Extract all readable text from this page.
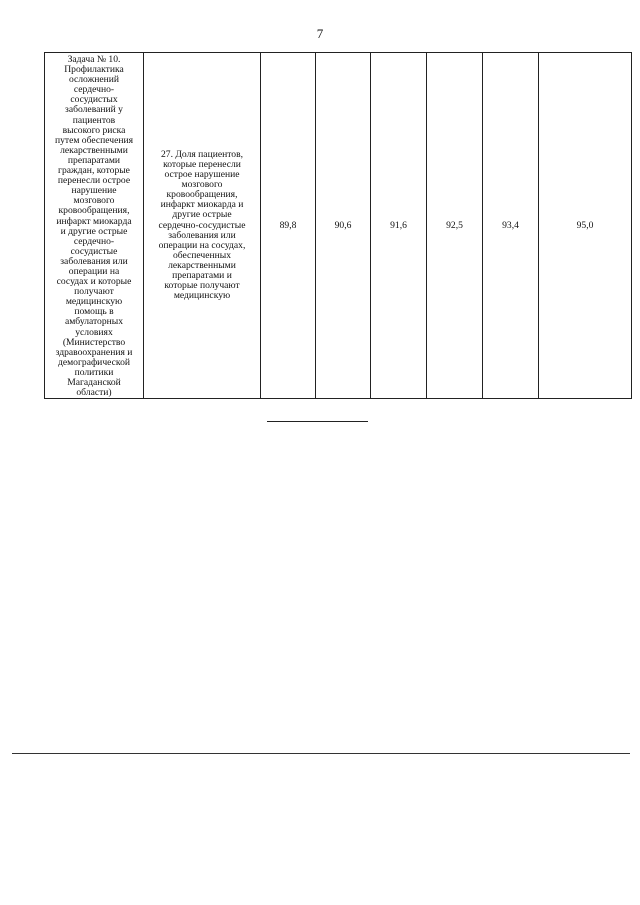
7
Задача № 10.
Профилактика
осложнений
сердечно-
сосудистых
заболеваний у
пациентов
высокого риска
путем обеспечения
лекарственными
препаратами
граждан, которые
перенесли острое
нарушение
мозгового
кровообращения,
инфаркт миокарда
и другие острые
сердечно-
сосудистые
заболевания или
операции на
сосудах и которые
получают
медицинскую
помощь в
амбулаторных
условиях
(Министерство
здравоохранения и
демографической
политики
Магаданской
области)

27. Доля пациентов,
которые перенесли
острое нарушение
мозгового
кровообращения,
инфаркт миокарда и
другие острые
сердечно-сосудистые
заболевания или
операции на сосудах,
обеспеченных
лекарственными
препаратами и
которые получают
медицинскую
	89,8	90,6	91,6	92,5	93,4	95,0
